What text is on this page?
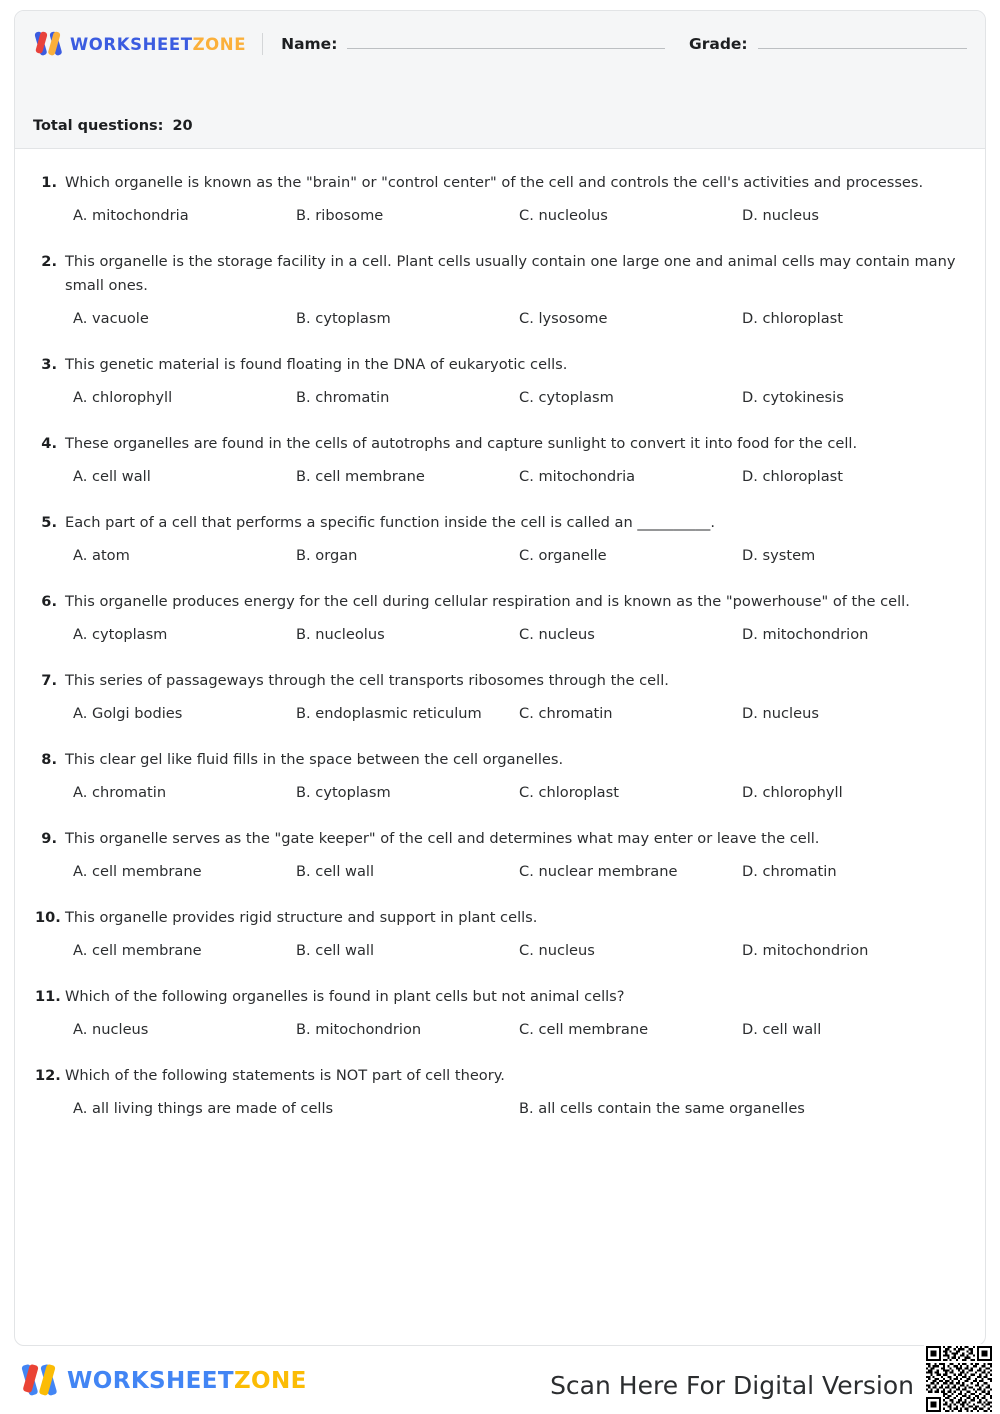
WORKSHEETZONE Name:	Grade:
Total questions: 20
1. Which organelle is known as the "brain" or "control center" of the cell and controls the cell's activities and processes.
A. mitochondria	B. ribosome	C. nucleolus	D. nucleus
2. This organelle is the storage facility in a cell. Plant cells usually contain one large one and animal cells may contain many small ones.
A. vacuole	B. cytoplasm	C. lysosome	D. chloroplast
3. This genetic material is found floating in the DNA of eukaryotic cells.
A. chlorophyll	B. chromatin	C. cytoplasm	D. cytokinesis
4. These organelles are found in the cells of autotrophs and capture sunlight to convert it into food for the cell.
A. cell wall	B. cell membrane	C. mitochondria	D. chloroplast
5. Each part of a cell that performs a specific function inside the cell is called an __________.
A. atom	B. organ	C. organelle	D. system
6. This organelle produces energy for the cell during cellular respiration and is known as the "powerhouse" of the cell.
A. cytoplasm	B. nucleolus	C. nucleus	D. mitochondrion
7. This series of passageways through the cell transports ribosomes through the cell.
A. Golgi bodies	B. endoplasmic reticulum	C. chromatin	D. nucleus
8. This clear gel like fluid fills in the space between the cell organelles.
A. chromatin	B. cytoplasm	C. chloroplast	D. chlorophyll
9. This organelle serves as the "gate keeper" of the cell and determines what may enter or leave the cell.
A. cell membrane	B. cell wall	C. nuclear membrane	D. chromatin
10. This organelle provides rigid structure and support in plant cells.
A. cell membrane	B. cell wall	C. nucleus	D. mitochondrion
11. Which of the following organelles is found in plant cells but not animal cells?
A. nucleus	B. mitochondrion	C. cell membrane	D. cell wall
12. Which of the following statements is NOT part of cell theory.
A. all living things are made of cells	B. all cells contain the same organelles
WORKSHEETZONE	Scan Here For Digital Version
